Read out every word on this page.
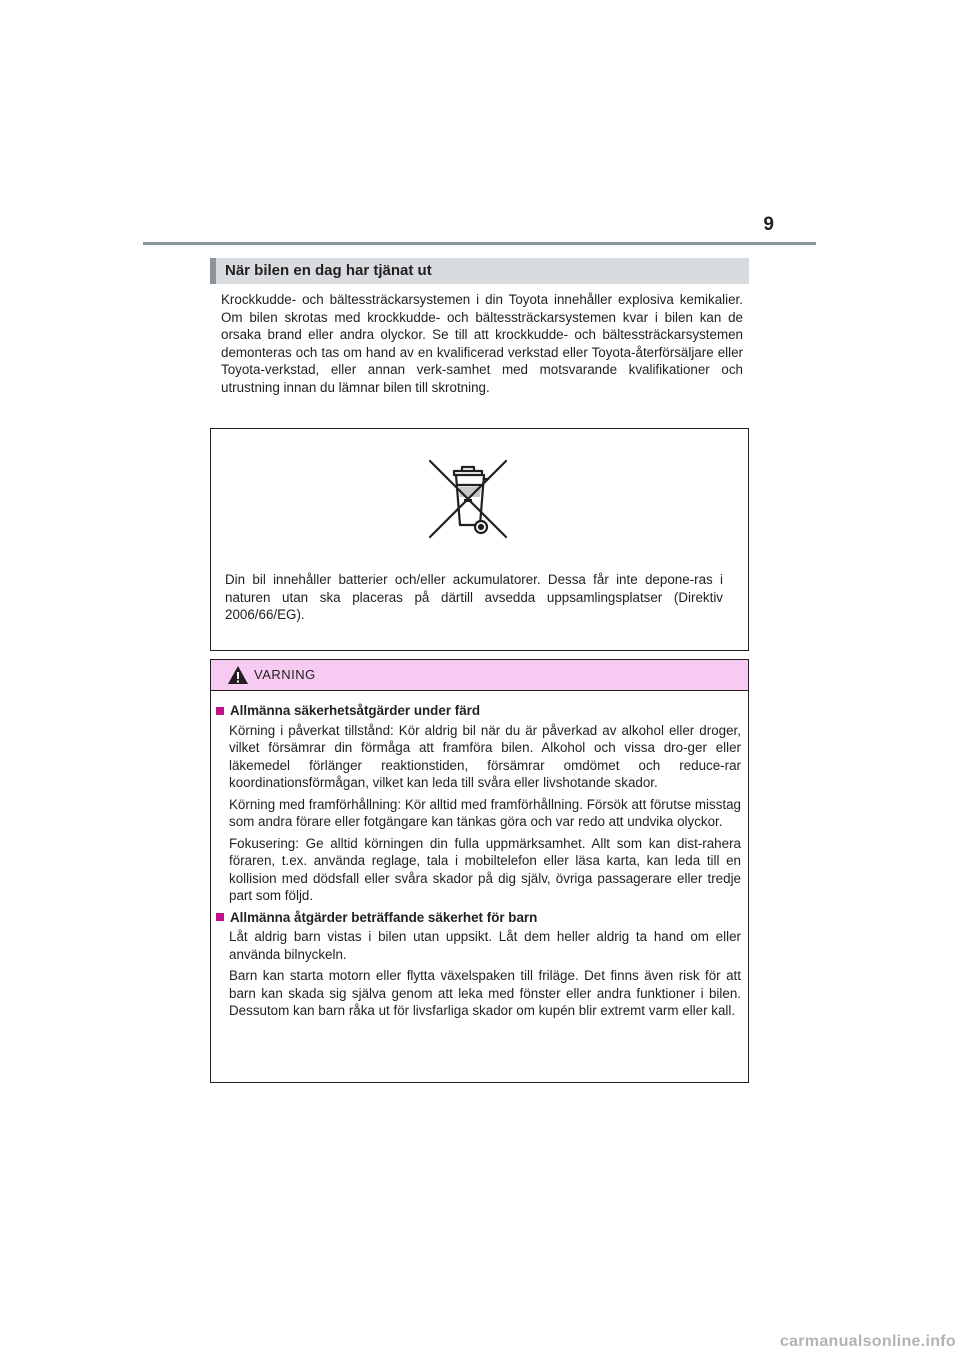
9
När bilen en dag har tjänat ut

Krockkudde- och bältessträckarsystemen i din Toyota innehåller explosiva kemikalier. Om bilen skrotas med krockkudde- och bältessträckarsystemen kvar i bilen kan de orsaka brand eller andra olyckor. Se till att krockkudde- och bältessträckarsystemen demonteras och tas om hand av en kvalificerad verkstad eller Toyota-återförsäljare eller Toyota-verkstad, eller annan verk-samhet med motsvarande kvalifikationer och utrustning innan du lämnar bilen till skrotning.

Din bil innehåller batterier och/eller ackumulatorer. Dessa får inte depone-ras i naturen utan ska placeras på därtill avsedda uppsamlingsplatser (Direktiv 2006/66/EG).

VARNING
Allmänna säkerhetsåtgärder under färd

Körning i påverkat tillstånd: Kör aldrig bil när du är påverkad av alkohol eller droger, vilket försämrar din förmåga att framföra bilen. Alkohol och vissa dro-ger eller läkemedel förlänger reaktionstiden, försämrar omdömet och reduce-rar koordinationsförmågan, vilket kan leda till svåra eller livshotande skador.

Körning med framförhållning: Kör alltid med framförhållning. Försök att förutse misstag som andra förare eller fotgängare kan tänkas göra och var redo att undvika olyckor.

Fokusering: Ge alltid körningen din fulla uppmärksamhet. Allt som kan dist-rahera föraren, t.ex. använda reglage, tala i mobiltelefon eller läsa karta, kan leda till en kollision med dödsfall eller svåra skador på dig själv, övriga passagerare eller tredje part som följd.

Allmänna åtgärder beträffande säkerhet för barn

Låt aldrig barn vistas i bilen utan uppsikt. Låt dem heller aldrig ta hand om eller använda bilnyckeln.

Barn kan starta motorn eller flytta växelspaken till friläge. Det finns även risk för att barn kan skada sig själva genom att leka med fönster eller andra funktioner i bilen. Dessutom kan barn råka ut för livsfarliga skador om kupén blir extremt varm eller kall.

carmanualsonline.info
